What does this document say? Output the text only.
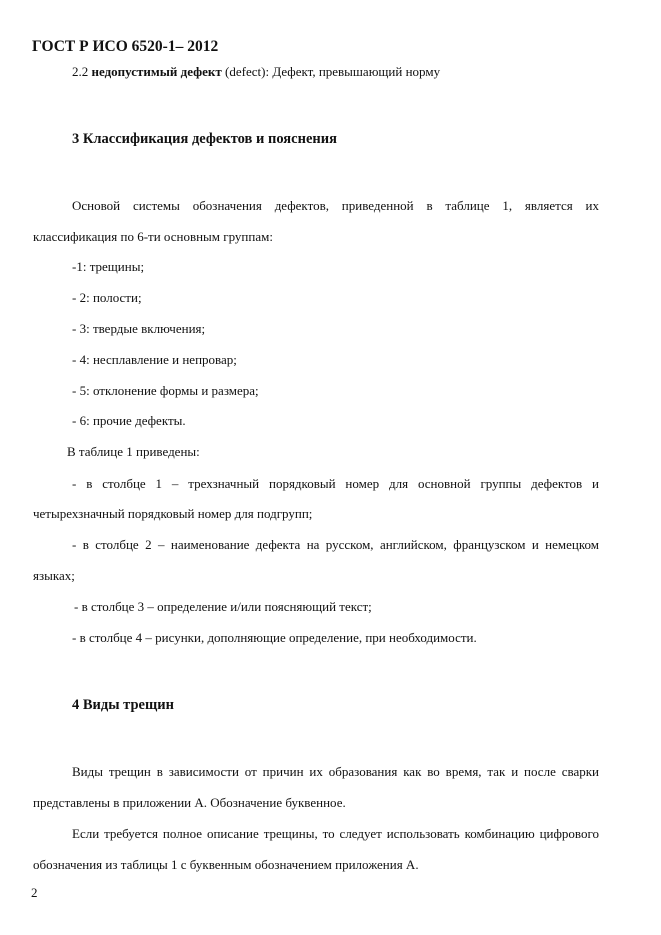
ГОСТ Р ИСО 6520-1– 2012
2.2 недопустимый дефект (defect): Дефект, превышающий норму
3 Классификация дефектов и пояснения
Основой системы обозначения дефектов, приведенной в таблице 1, является их
классификация по 6-ти основным группам:
-1: трещины;
- 2: полости;
- 3: твердые включения;
- 4: несплавление и непровар;
- 5: отклонение формы и размера;
- 6: прочие дефекты.
В таблице 1 приведены:
- в столбце 1 – трехзначный порядковый номер для основной группы дефектов и
четырехзначный порядковый номер для подгрупп;
- в столбце 2 – наименование дефекта на русском, английском, французском и немецком
языках;
- в столбце 3 – определение и/или поясняющий текст;
- в столбце 4 – рисунки, дополняющие определение, при необходимости.
4 Виды трещин
Виды трещин в зависимости от причин их образования как во время, так и после сварки
представлены в приложении А. Обозначение буквенное.
Если требуется полное описание трещины, то следует использовать комбинацию цифрового
обозначения из таблицы 1 с буквенным обозначением приложения А.
2
